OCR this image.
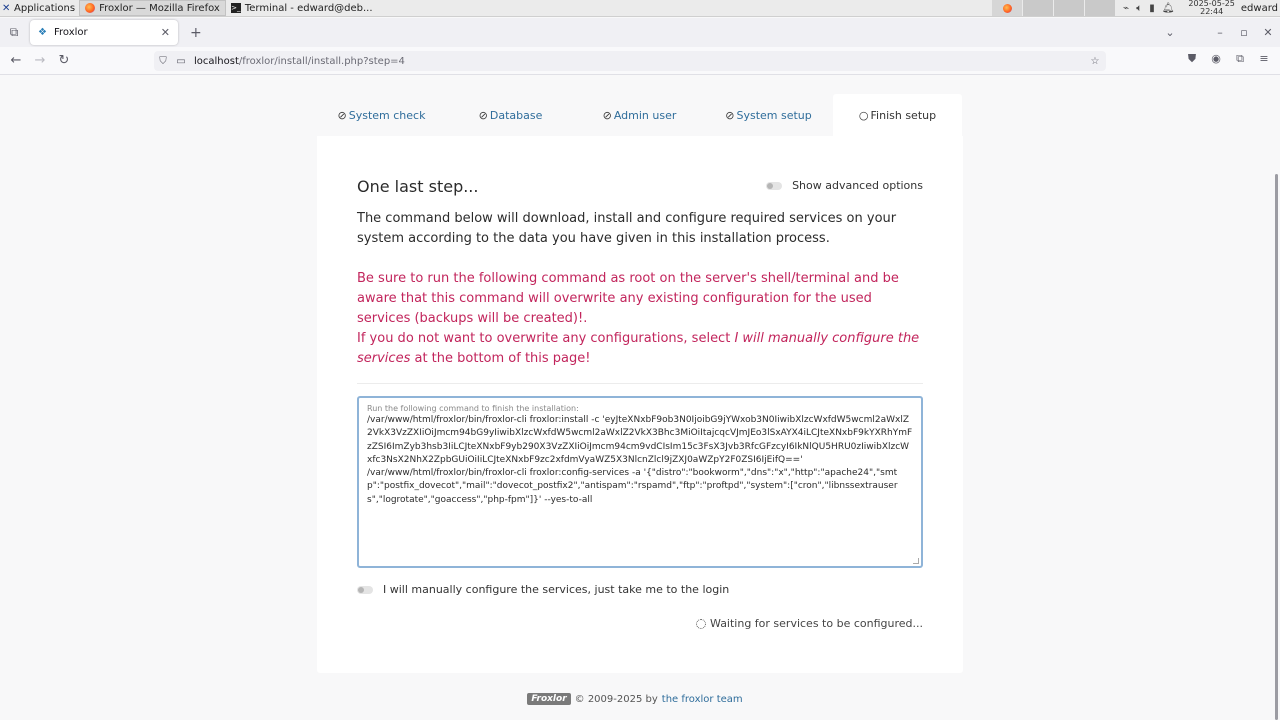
✕ Applications Froxlor — Mozilla Firefox >_ Terminal - edward@deb...	⌁ 🔈︎ ▮ 🔔︎ 2025-05-25
22:44	edward
⧉	❖ Froxlor	✕ +	⌄	–	▫	✕
←	→	↻	⛉ ▭ localhost /froxlor/install/install.php?step=4	☆	⛊	◉	⧉	≡
⊘ System check	⊘ Database	⊘ Admin user	⊘ System setup	○ Finish setup
One last step...	Show advanced options
The command below will download, install and configure required services on your system according to the data you have given in this installation process.
Be sure to run the following command as root on the server's shell/terminal and be aware that this command will overwrite any existing configuration for the used services (backups will be created)!.
If you do not want to overwrite any configurations, select I will manually configure the services at the bottom of this page!
Run the following command to finish the installation:
/var/www/html/froxlor/bin/froxlor-cli froxlor:install -c 'eyJteXNxbF9ob3N0IjoibG9jYWxob3N0IiwibXlzcWxfdW5wcml2aWxlZ2VkX3VzZXIiOiJmcm94bG9yIiwibXlzcWxfdW5wcml2aWxlZ2VkX3Bhc3MiOiItajcqcVJmJEo3lSxAYX4iLCJteXNxbF9kYXRhYmFzZSI6ImZyb3hsb3IiLCJteXNxbF9yb290X3VzZXIiOiJmcm94cm9vdCIsIm15c3FsX3Jvb3RfcGFzcyI6IkNlQU5HRU0zIiwibXlzcWxfc3NsX2NhX2ZpbGUiOiIiLCJteXNxbF9zc2xfdmVyaWZ5X3NlcnZlcl9jZXJ0aWZpY2F0ZSI6IjEifQ=='
/var/www/html/froxlor/bin/froxlor-cli froxlor:config-services -a '{"distro":"bookworm","dns":"x","http":"apache24","smtp":"postfix_dovecot","mail":"dovecot_postfix2","antispam":"rspamd","ftp":"proftpd","system":["cron","libnssextrausers","logrotate","goaccess","php-fpm"]}' --yes-to-all
I will manually configure the services, just take me to the login
Waiting for services to be configured...
Froxlor © 2009-2025 by the froxlor team
